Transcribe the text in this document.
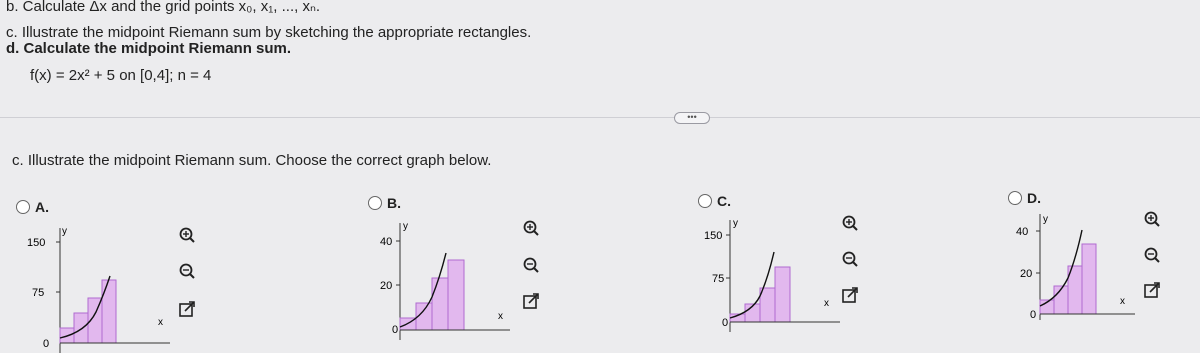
b. Calculate Δx and the grid points x₀, x₁, ..., xₙ.
c. Illustrate the midpoint Riemann sum by sketching the appropriate rectangles.
d. Calculate the midpoint Riemann sum.
f(x) = 2x² + 5 on [0,4]; n = 4
•••
c. Illustrate the midpoint Riemann sum. Choose the correct graph below.
A.
y
150
75
0
x
B.
y
40
20
0
x
C.
y
150
75
0
x
D.
y
40
20
0
x
